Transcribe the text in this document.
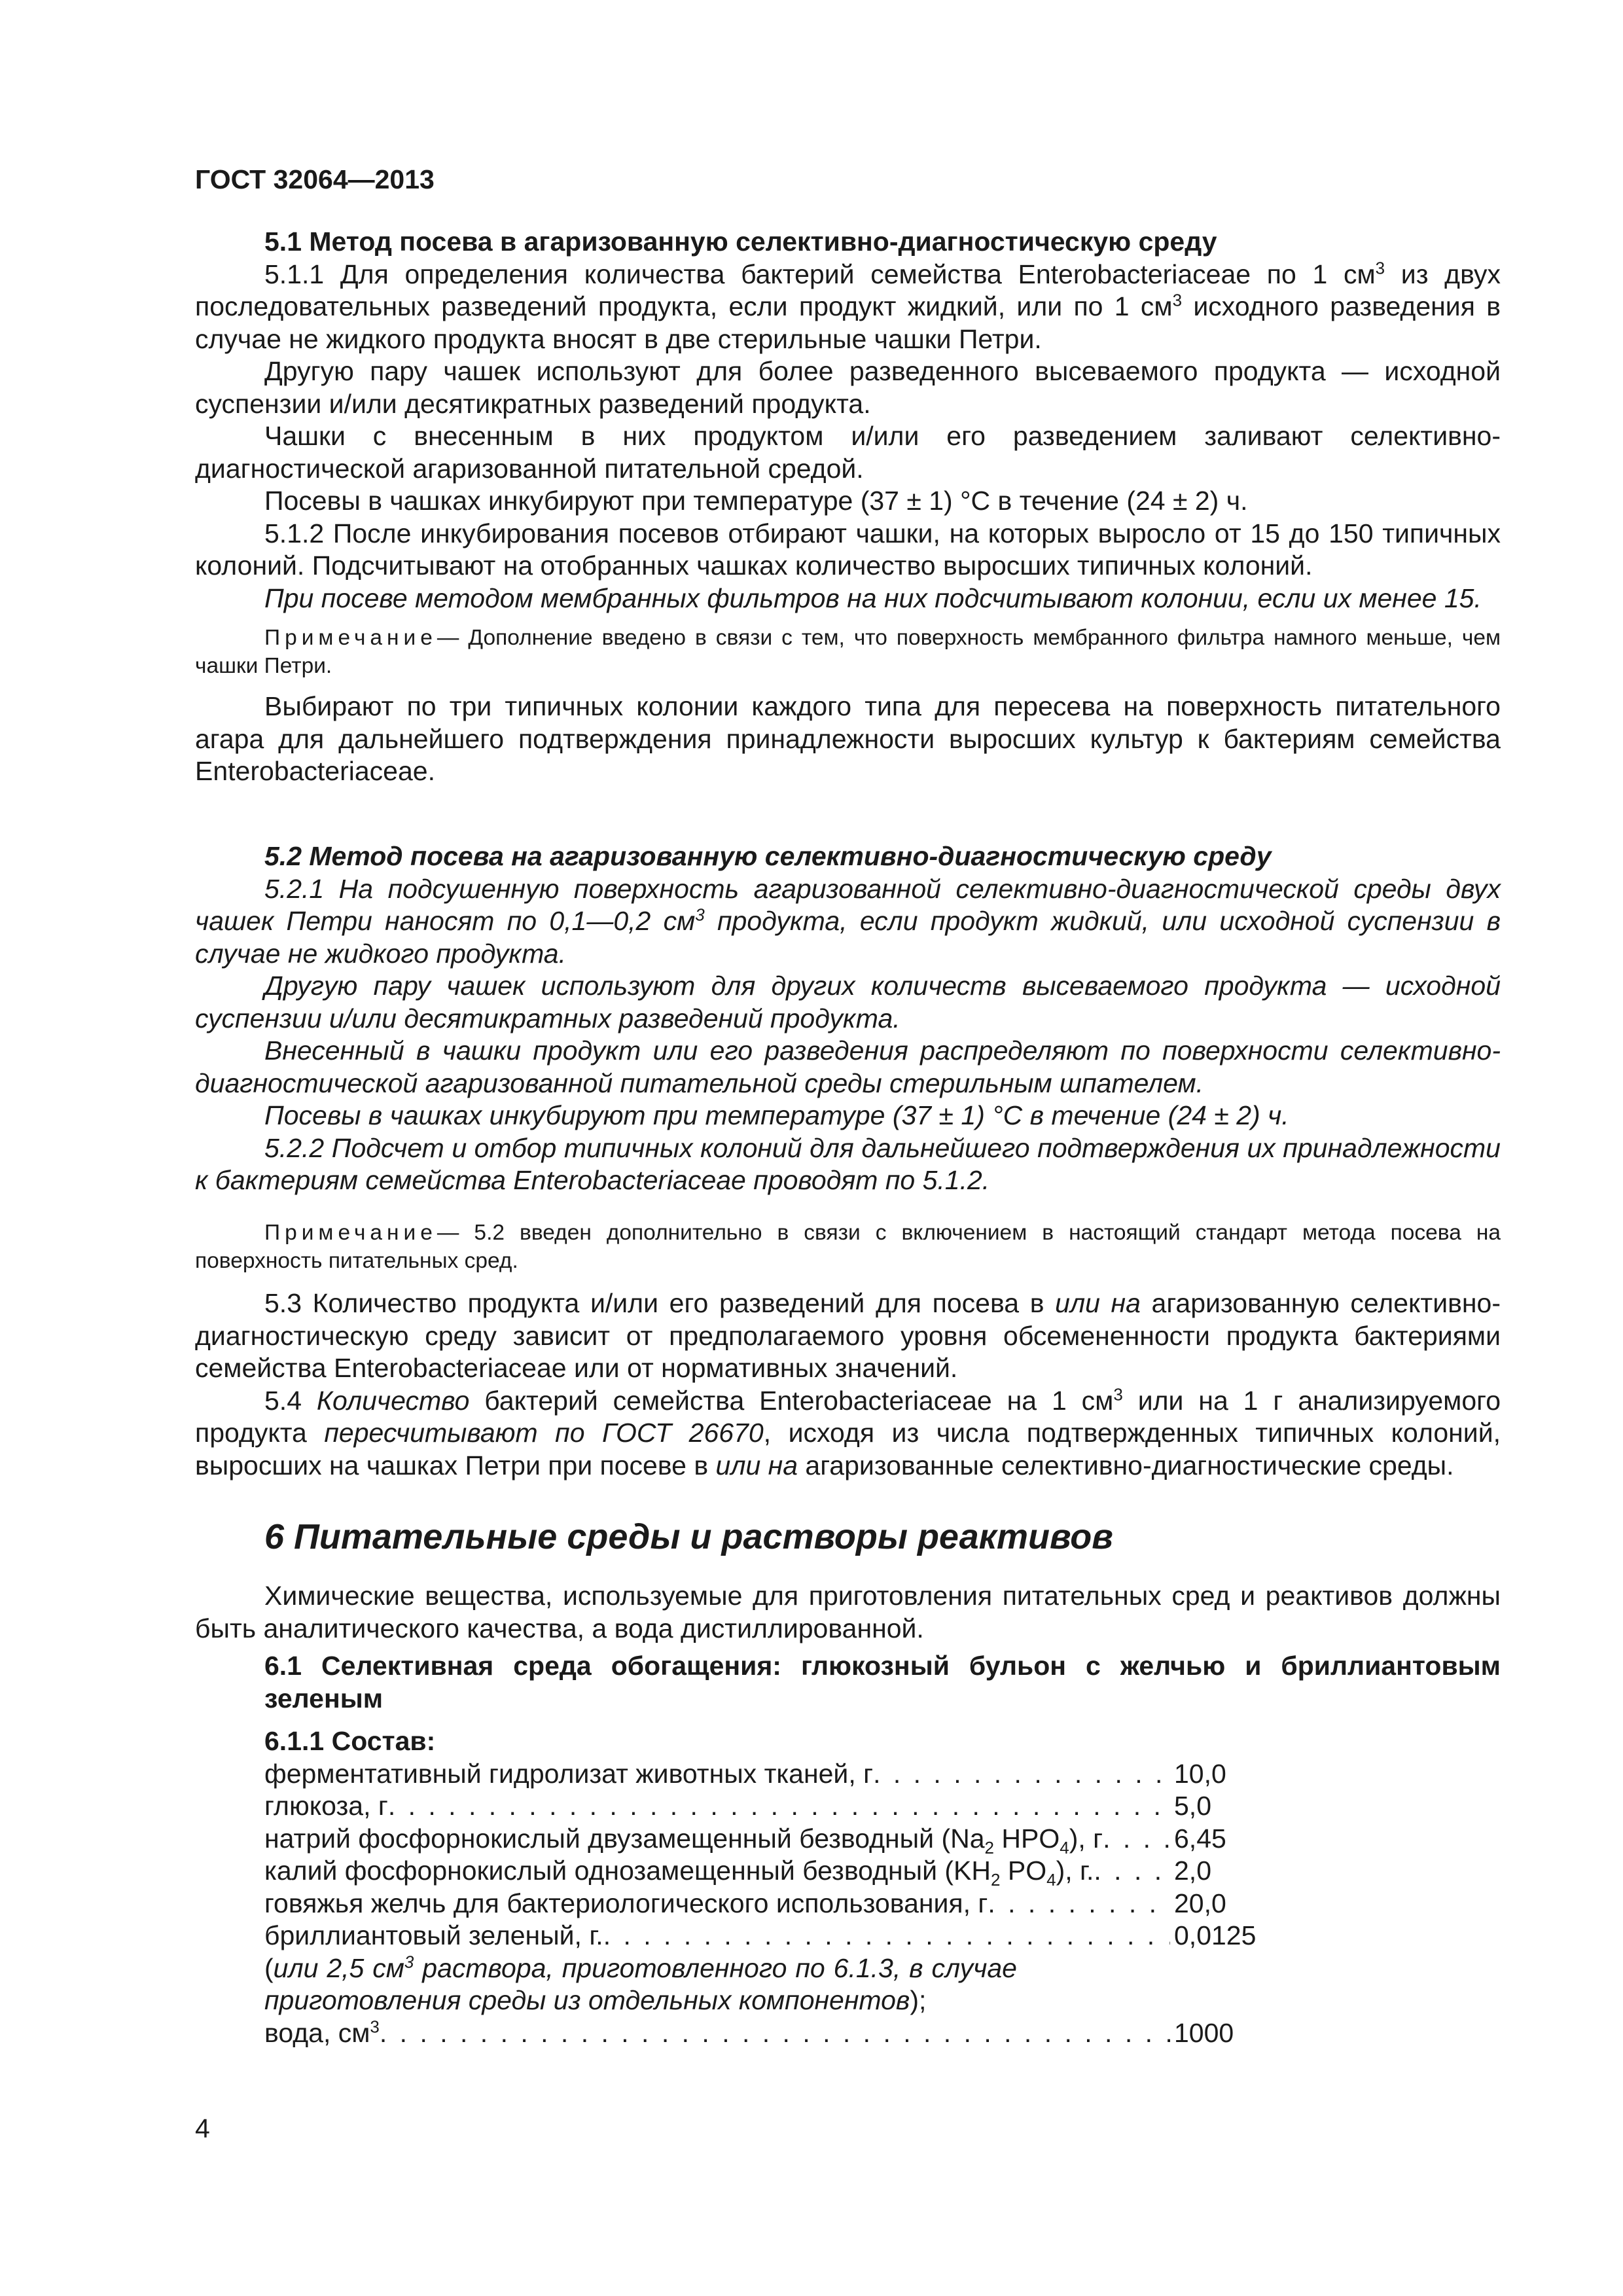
ГОСТ 32064—2013

5.1 Метод посева в агаризованную селективно-диагностическую среду

5.1.1 Для определения количества бактерий семейства Enterobacteriaceae по 1 $см^3$ из двух последовательных разведений продукта, если продукт жидкий, или по 1 $см^3$ исходного разведения в случае не жидкого продукта вносят в две стерильные чашки Петри.

Другую пару чашек используют для более разведенного высеваемого продукта — исходной суспензии и/или десятикратных разведений продукта.

Чашки с внесенным в них продуктом и/или его разведением заливают селективно-диагностической агаризованной питательной средой.

Посевы в чашках инкубируют при температуре (37 ± 1) °С в течение (24 ± 2) ч.

5.1.2 После инкубирования посевов отбирают чашки, на которых выросло от 15 до 150 типичных колоний. Подсчитывают на отобранных чашках количество выросших типичных колоний.

При посеве методом мембранных фильтров на них подсчитывают колонии, если их менее 15.

Примечание— Дополнение введено в связи с тем, что поверхность мембранного фильтра намного меньше, чем чашки Петри.

Выбирают по три типичных колонии каждого типа для пересева на поверхность питательного агара для дальнейшего подтверждения принадлежности выросших культур к бактериям семейства Enterobacteriaceae.

5.2 Метод посева на агаризованную селективно-диагностическую среду

5.2.1 На подсушенную поверхность агаризованной селективно-диагностической среды двух чашек Петри наносят по 0,1—0,2 $см^3$ продукта, если продукт жидкий, или исходной суспензии в случае не жидкого продукта.

Другую пару чашек используют для других количеств высеваемого продукта — исходной суспензии и/или десятикратных разведений продукта.

Внесенный в чашки продукт или его разведения распределяют по поверхности селективно-диагностической агаризованной питательной среды стерильным шпателем.

Посевы в чашках инкубируют при температуре (37 ± 1) °С в течение (24 ± 2) ч.

5.2.2 Подсчет и отбор типичных колоний для дальнейшего подтверждения их принадлежности к бактериям семейства Enterobacteriaceae проводят по 5.1.2.

Примечание— 5.2 введен дополнительно в связи с включением в настоящий стандарт метода посева на поверхность питательных сред.

5.3 Количество продукта и/или его разведений для посева в или на агаризованную селективно-диагностическую среду зависит от предполагаемого уровня обсемененности продукта бактериями семейства Enterobacteriaceae или от нормативных значений.

5.4 Количество бактерий семейства Enterobacteriaceae на 1 $см^3$ или на 1 г анализируемого продукта пересчитывают по ГОСТ 26670, исходя из числа подтвержденных типичных колоний, выросших на чашках Петри при посеве в или на агаризованные селективно-диагностические среды.

6 Питательные среды и растворы реактивов

Химические вещества, используемые для приготовления питательных сред и реактивов должны быть аналитического качества, а вода дистиллированной.

6.1 Селективная среда обогащения: глюкозный бульон с желчью и бриллиантовым зеленым

6.1.1 Состав:

ферментативный гидролизат животных тканей, г . . .	10,0
глюкоза, г . . .	5,0
натрий фосфорнокислый двузамещенный безводный ($Na_2$ $HPO_4$), г . . .	6,45
калий фосфорнокислый однозамещенный безводный ($KH_2$ $PO_4$), г. . . .	2,0
говяжья желчь для бактериологического использования, г . . .	20,0
бриллиантовый зеленый, г. . . .	0,0125
(или 2,5 $см^3$ раствора, приготовленного по 6.1.3, в случае приготовления среды из отдельных компонентов);
вода, $см^3$ . . .	1000
4
